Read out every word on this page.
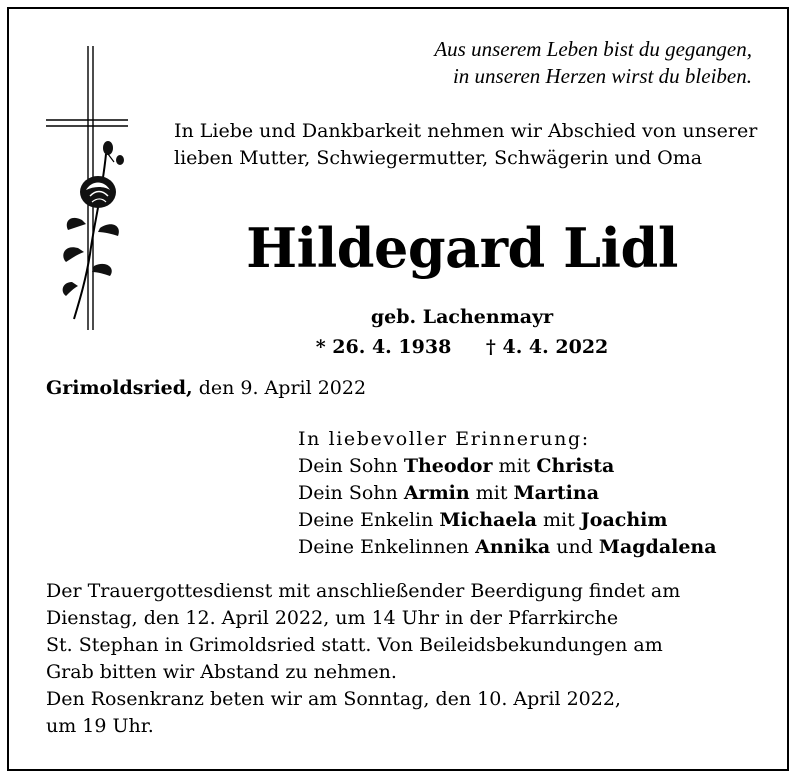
Aus unserem Leben bist du gegangen,
in unseren Herzen wirst du bleiben.
In Liebe und Dankbarkeit nehmen wir Abschied von unserer lieben Mutter, Schwiegermutter, Schwägerin und Oma
Hildegard Lidl
geb. Lachenmayr
* 26. 4. 1938 † 4. 4. 2022
Grimoldsried, den 9. April 2022
In liebevoller Erinnerung:
Dein Sohn Theodor mit Christa
Dein Sohn Armin mit Martina
Deine Enkelin Michaela mit Joachim
Deine Enkelinnen Annika und Magdalena

Der Trauergottesdienst mit anschließender Beerdigung findet am

Dienstag, den 12. April 2022, um 14 Uhr in der Pfarrkirche

St. Stephan in Grimoldsried statt. Von Beileidsbekundungen am

Grab bitten wir Abstand zu nehmen.

Den Rosenkranz beten wir am Sonntag, den 10. April 2022,

um 19 Uhr.
